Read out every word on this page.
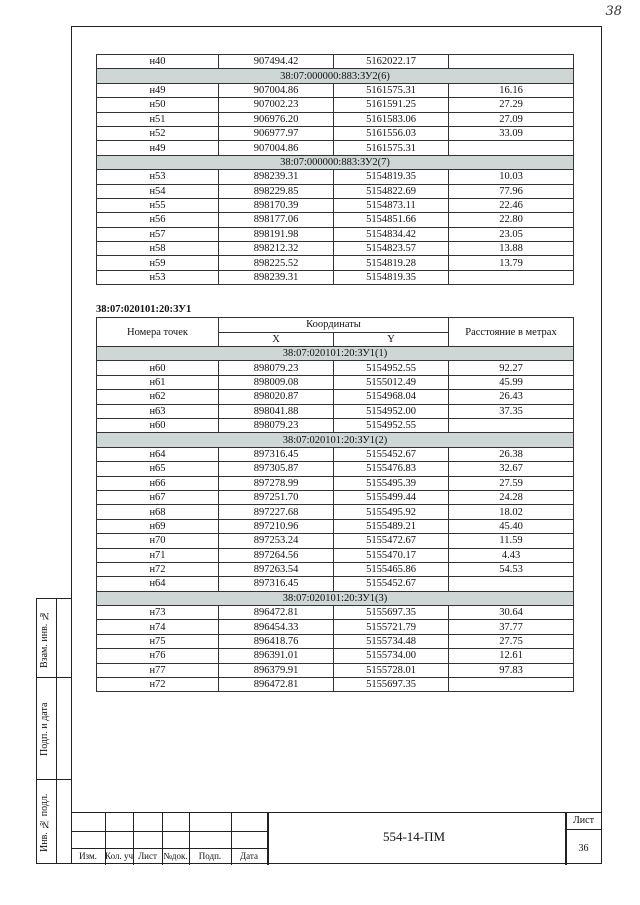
38
н40	907494.42	5162022.17	
38:07:000000:883:ЗУ2(6)			
н49	907004.86	5161575.31	16.16
н50	907002.23	5161591.25	27.29
н51	906976.20	5161583.06	27.09
н52	906977.97	5161556.03	33.09
н49	907004.86	5161575.31	
38:07:000000:883:ЗУ2(7)			
н53	898239.31	5154819.35	10.03
н54	898229.85	5154822.69	77.96
н55	898170.39	5154873.11	22.46
н56	898177.06	5154851.66	22.80
н57	898191.98	5154834.42	23.05
н58	898212.32	5154823.57	13.88
н59	898225.52	5154819.28	13.79
н53	898239.31	5154819.35	
38:07:020101:20:ЗУ1
Номера точек	Координаты		Расстояние в метрах
	X	Y	
38:07:020101:20:ЗУ1(1)			
н60	898079.23	5154952.55	92.27
н61	898009.08	5155012.49	45.99
н62	898020.87	5154968.04	26.43
н63	898041.88	5154952.00	37.35
н60	898079.23	5154952.55	
38:07:020101:20:ЗУ1(2)			
н64	897316.45	5155452.67	26.38
н65	897305.87	5155476.83	32.67
н66	897278.99	5155495.39	27.59
н67	897251.70	5155499.44	24.28
н68	897227.68	5155495.92	18.02
н69	897210.96	5155489.21	45.40
н70	897253.24	5155472.67	11.59
н71	897264.56	5155470.17	4.43
н72	897263.54	5155465.86	54.53
н64	897316.45	5155452.67	
38:07:020101:20:ЗУ1(3)			
н73	896472.81	5155697.35	30.64
н74	896454.33	5155721.79	37.77
н75	896418.76	5155734.48	27.75
н76	896391.01	5155734.00	12.61
н77	896379.91	5155728.01	97.83
н72	896472.81	5155697.35	
Взам. инв. №
Подп. и дата
Инв. № подл.
Изм. Кол. уч Лист №док.	Подп.	Дата
554-14-ПМ
Лист
36
